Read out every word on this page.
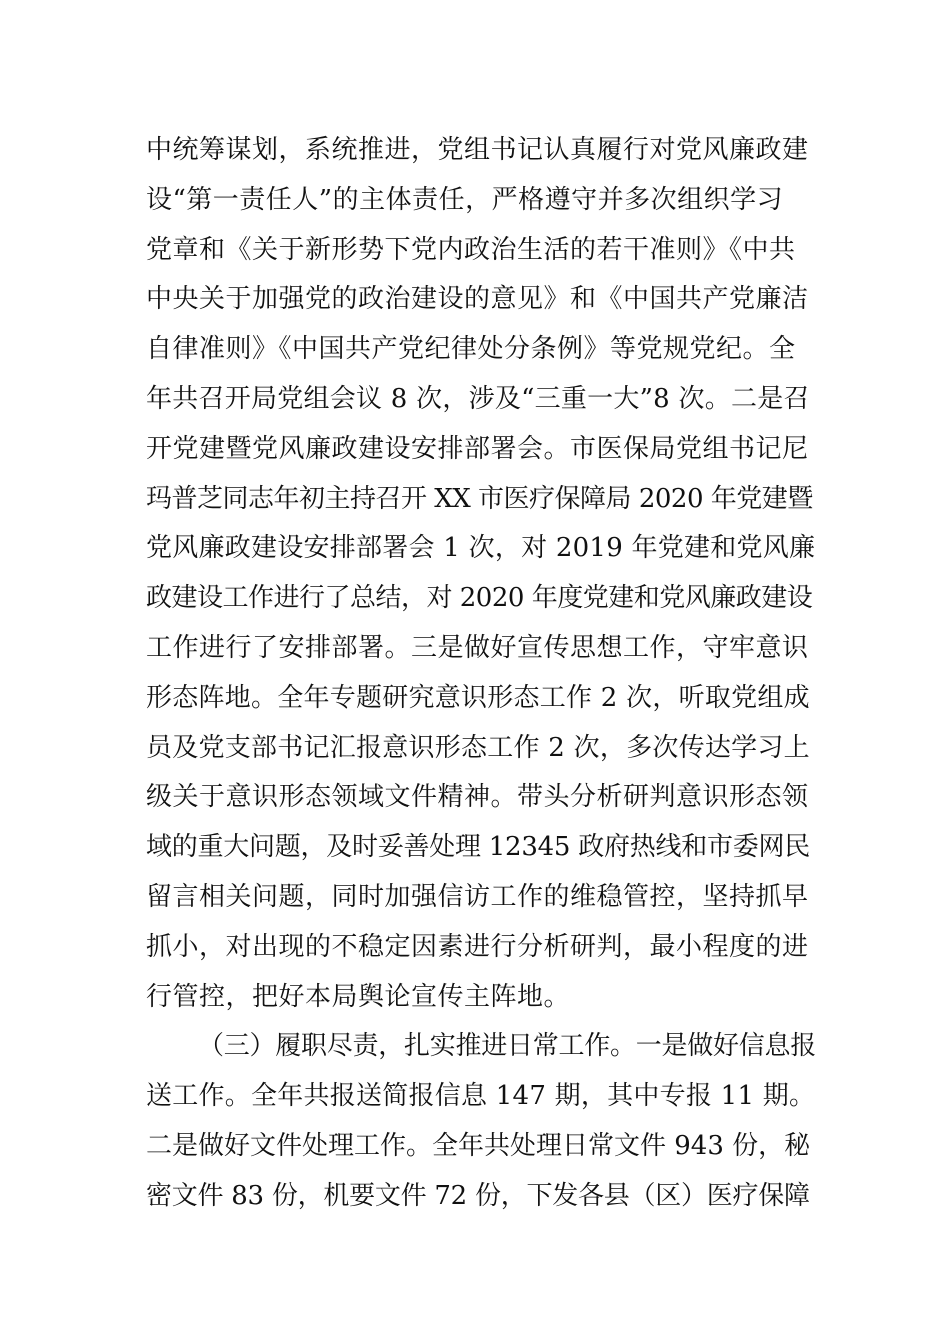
中统筹谋划，系统推进，党组书记认真履行对党风廉政建
设“第一责任人”的主体责任，严格遵守并多次组织学习
党章和《关于新形势下党内政治生活的若干准则》《中共
中央关于加强党的政治建设的意见》和《中国共产党廉洁
自律准则》《中国共产党纪律处分条例》等党规党纪。全
年共召开局党组会议 8 次，涉及“三重一大”8 次。二是召
开党建暨党风廉政建设安排部署会。市医保局党组书记尼
玛普芝同志年初主持召开 XX 市医疗保障局 2020 年党建暨
党风廉政建设安排部署会 1 次，对 2019 年党建和党风廉
政建设工作进行了总结，对 2020 年度党建和党风廉政建设
工作进行了安排部署。三是做好宣传思想工作，守牢意识
形态阵地。全年专题研究意识形态工作 2 次，听取党组成
员及党支部书记汇报意识形态工作 2 次，多次传达学习上
级关于意识形态领域文件精神。带头分析研判意识形态领
域的重大问题，及时妥善处理 12345 政府热线和市委网民
留言相关问题，同时加强信访工作的维稳管控，坚持抓早
抓小，对出现的不稳定因素进行分析研判，最小程度的进
行管控，把好本局舆论宣传主阵地。
（三）履职尽责，扎实推进日常工作。一是做好信息报
送工作。全年共报送简报信息 147 期，其中专报 11 期。
二是做好文件处理工作。全年共处理日常文件 943 份，秘
密文件 83 份，机要文件 72 份，下发各县（区）医疗保障
